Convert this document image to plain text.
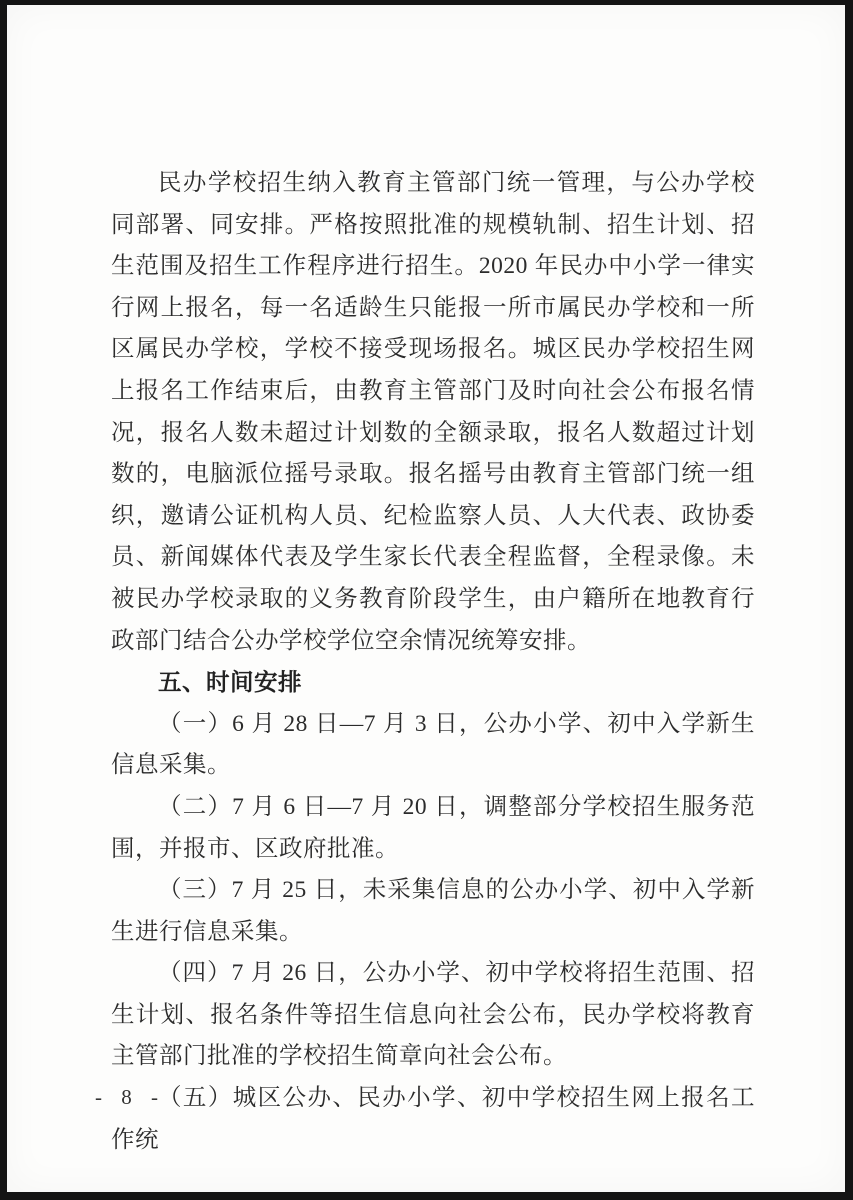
民办学校招生纳入教育主管部门统一管理，与公办学校同部署、同安排。严格按照批准的规模轨制、招生计划、招生范围及招生工作程序进行招生。2020 年民办中小学一律实行网上报名，每一名适龄生只能报一所市属民办学校和一所区属民办学校，学校不接受现场报名。城区民办学校招生网上报名工作结束后，由教育主管部门及时向社会公布报名情况，报名人数未超过计划数的全额录取，报名人数超过计划数的，电脑派位摇号录取。报名摇号由教育主管部门统一组织，邀请公证机构人员、纪检监察人员、人大代表、政协委员、新闻媒体代表及学生家长代表全程监督，全程录像。未被民办学校录取的义务教育阶段学生，由户籍所在地教育行政部门结合公办学校学位空余情况统筹安排。

五、时间安排

（一）6 月 28 日—7 月 3 日，公办小学、初中入学新生信息采集。

（二）7 月 6 日—7 月 20 日，调整部分学校招生服务范围，并报市、区政府批准。

（三）7 月 25 日，未采集信息的公办小学、初中入学新生进行信息采集。

（四）7 月 26 日，公办小学、初中学校将招生范围、招生计划、报名条件等招生信息向社会公布，民办学校将教育主管部门批准的学校招生简章向社会公布。

（五）城区公办、民办小学、初中学校招生网上报名工作统

- 8 -
